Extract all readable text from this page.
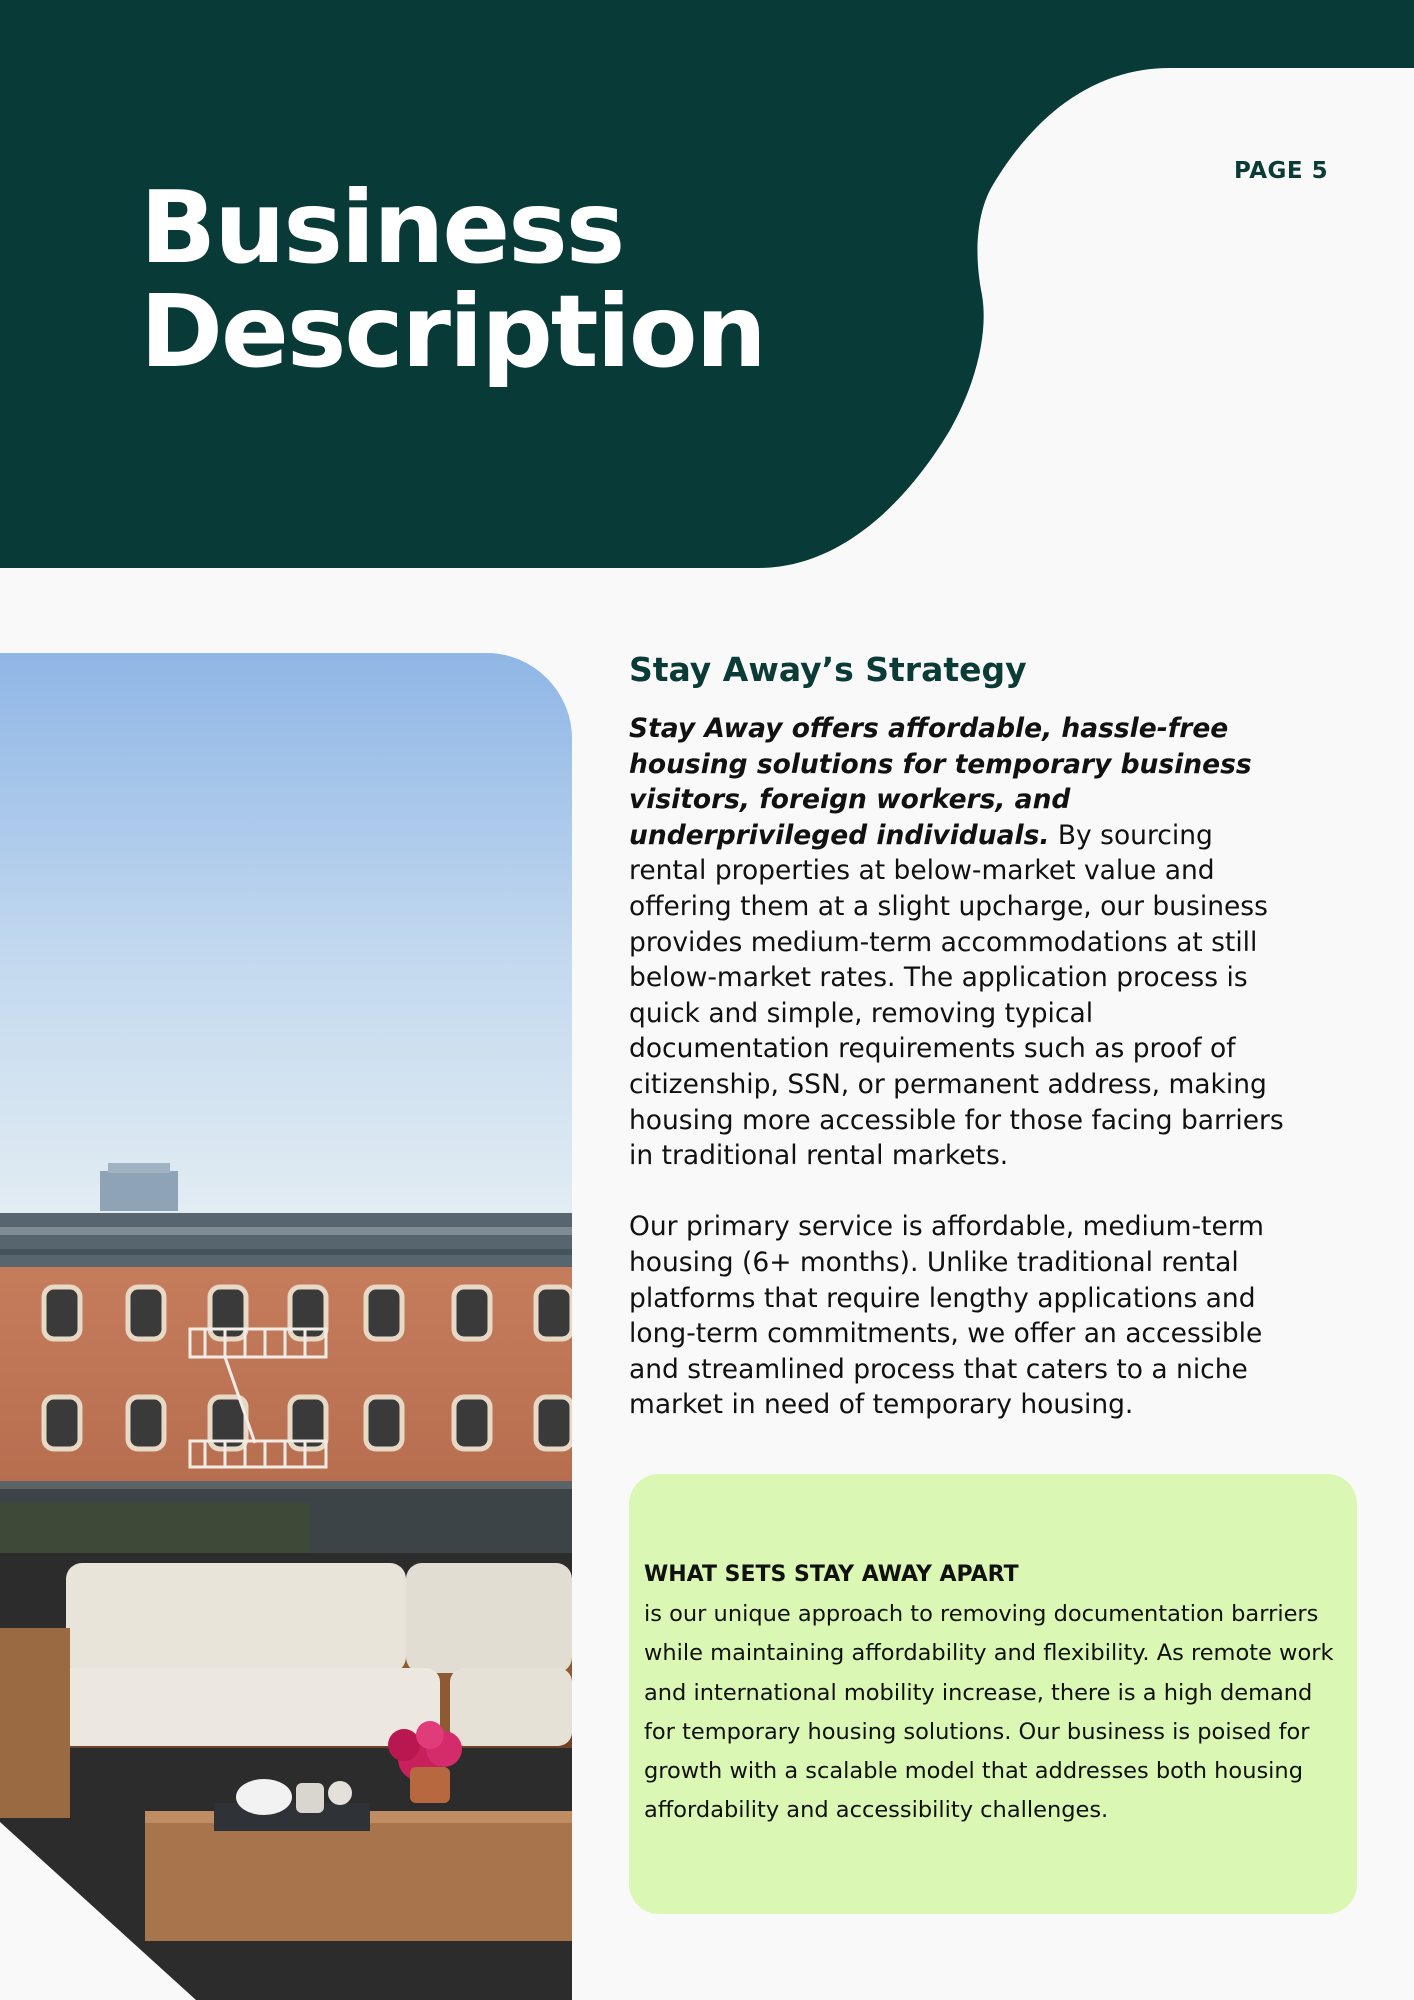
PAGE 5
Business
Description
Stay Away’s Strategy

Stay Away offers affordable, hassle-free housing solutions for temporary business visitors, foreign workers, and underprivileged individuals. By sourcing rental properties at below-market value and offering them at a slight upcharge, our business provides medium-term accommodations at still below-market rates. The application process is quick and simple, removing typical documentation requirements such as proof of citizenship, SSN, or permanent address, making housing more accessible for those facing barriers in traditional rental markets.

Our primary service is affordable, medium-term housing (6+ months). Unlike traditional rental platforms that require lengthy applications and long-term commitments, we offer an accessible and streamlined process that caters to a niche market in need of temporary housing.

WHAT SETS STAY AWAY APART

is our unique approach to removing documentation barriers while maintaining affordability and flexibility. As remote work and international mobility increase, there is a high demand for temporary housing solutions. Our business is poised for growth with a scalable model that addresses both housing affordability and accessibility challenges.
